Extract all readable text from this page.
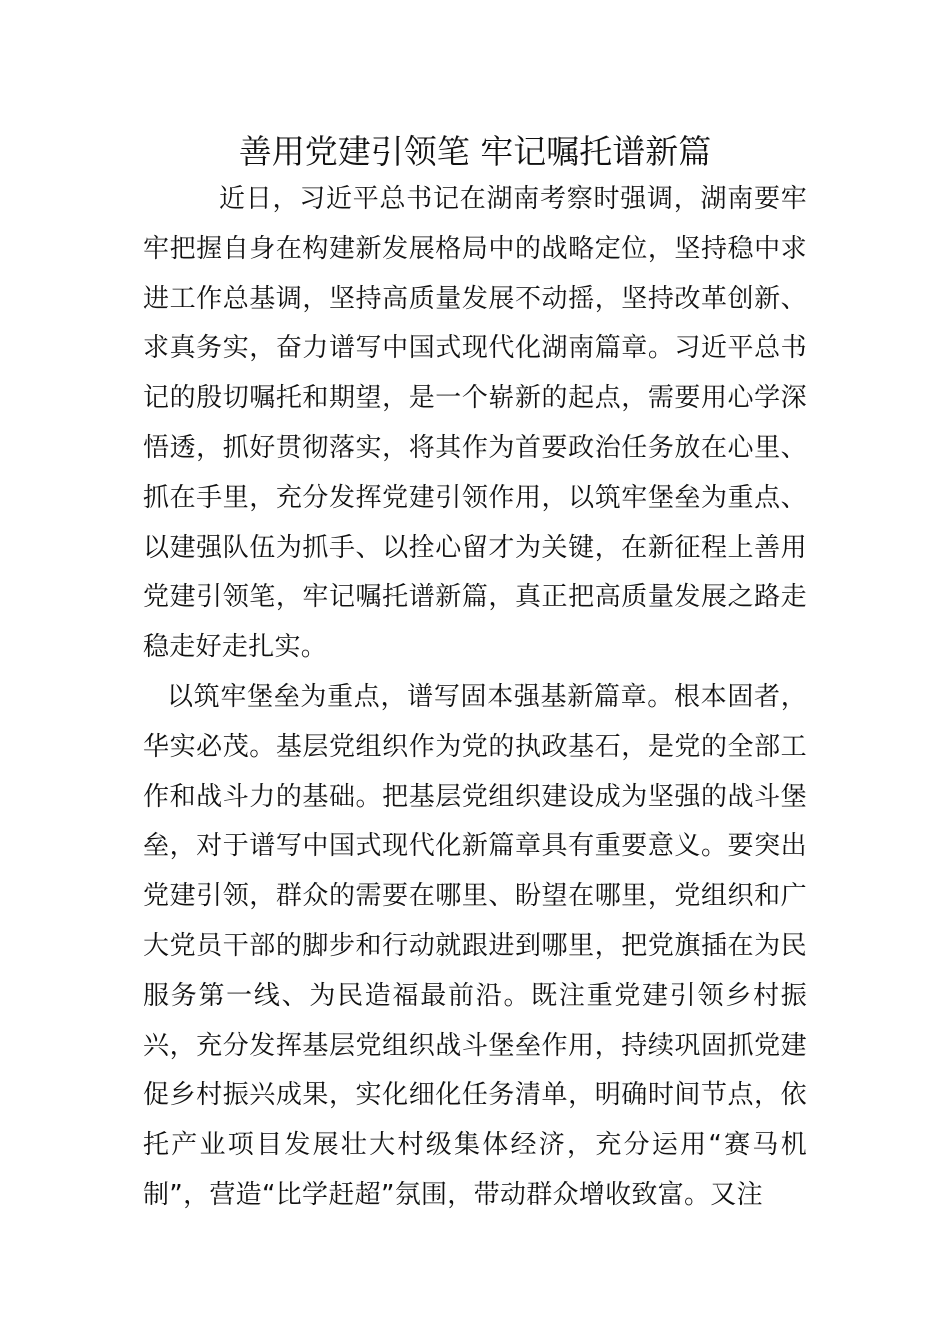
善用党建引领笔 牢记嘱托谱新篇

近日，习近平总书记在湖南考察时强调，湖南要牢牢把握自身在构建新发展格局中的战略定位，坚持稳中求进工作总基调，坚持高质量发展不动摇，坚持改革创新、求真务实，奋力谱写中国式现代化湖南篇章。习近平总书记的殷切嘱托和期望，是一个崭新的起点，需要用心学深悟透，抓好贯彻落实，将其作为首要政治任务放在心里、抓在手里，充分发挥党建引领作用，以筑牢堡垒为重点、以建强队伍为抓手、以拴心留才为关键，在新征程上善用党建引领笔，牢记嘱托谱新篇，真正把高质量发展之路走稳走好走扎实。

以筑牢堡垒为重点，谱写固本强基新篇章。根本固者，华实必茂。基层党组织作为党的执政基石，是党的全部工作和战斗力的基础。把基层党组织建设成为坚强的战斗堡垒，对于谱写中国式现代化新篇章具有重要意义。要突出党建引领，群众的需要在哪里、盼望在哪里，党组织和广大党员干部的脚步和行动就跟进到哪里，把党旗插在为民服务第一线、为民造福最前沿。既注重党建引领乡村振兴，充分发挥基层党组织战斗堡垒作用，持续巩固抓党建促乡村振兴成果，实化细化任务清单，明确时间节点，依托产业项目发展壮大村级集体经济，充分运用“赛马机制”，营造“比学赶超”氛围，带动群众增收致富。又注
